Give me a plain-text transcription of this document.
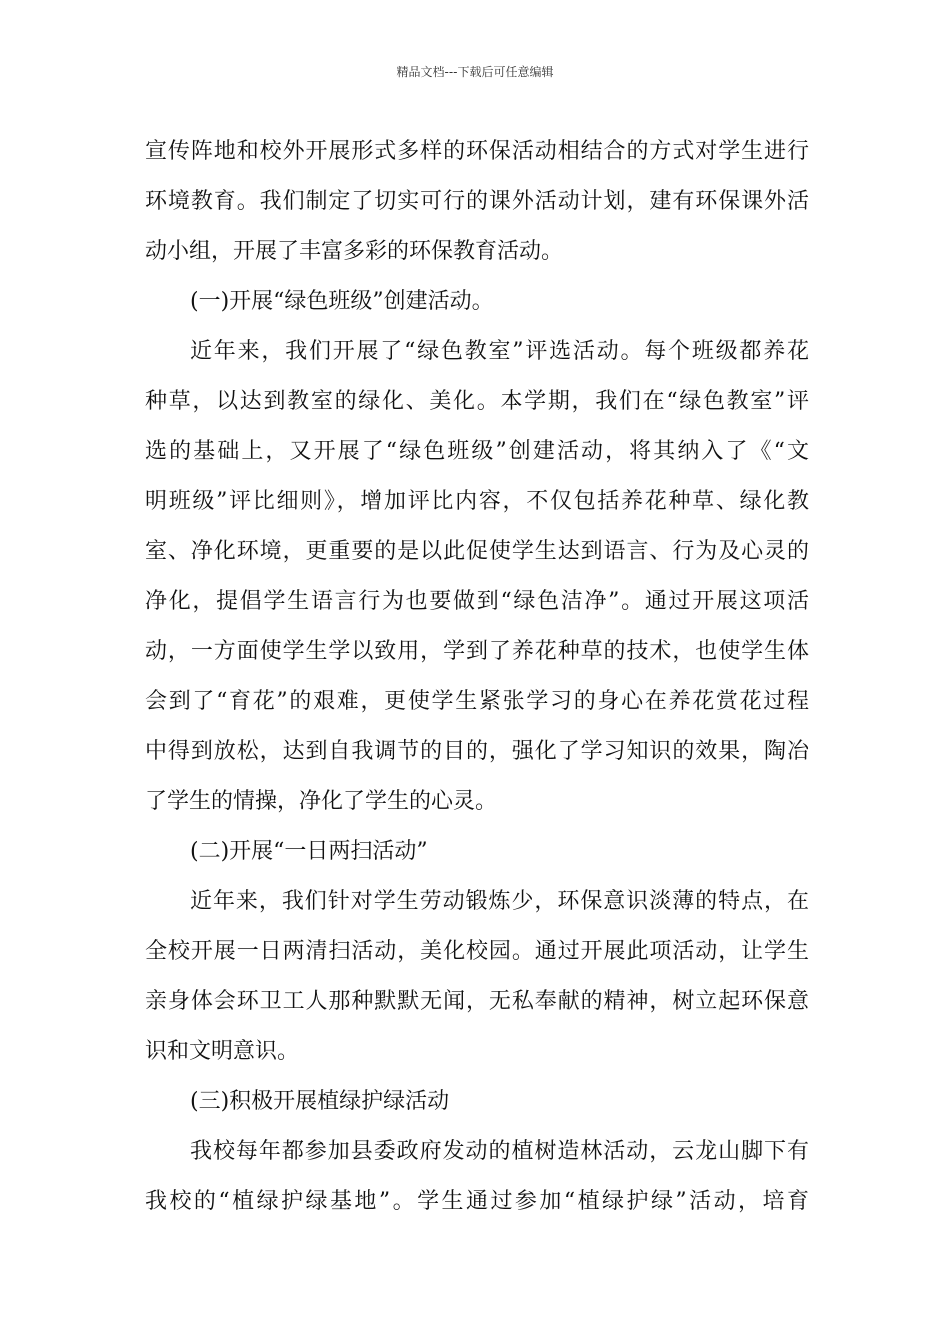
精品文档---下载后可任意编辑
宣传阵地和校外开展形式多样的环保活动相结合的方式对学生进行
环境教育。我们制定了切实可行的课外活动计划，建有环保课外活
动小组，开展了丰富多彩的环保教育活动。
(一)开展“绿色班级”创建活动。
近年来，我们开展了“绿色教室”评选活动。每个班级都养花
种草，以达到教室的绿化、美化。本学期，我们在“绿色教室”评
选的基础上，又开展了“绿色班级”创建活动，将其纳入了《“文
明班级”评比细则》，增加评比内容，不仅包括养花种草、绿化教
室、净化环境，更重要的是以此促使学生达到语言、行为及心灵的
净化，提倡学生语言行为也要做到“绿色洁净”。通过开展这项活
动，一方面使学生学以致用，学到了养花种草的技术，也使学生体
会到了“育花”的艰难，更使学生紧张学习的身心在养花赏花过程
中得到放松，达到自我调节的目的，强化了学习知识的效果，陶冶
了学生的情操，净化了学生的心灵。
(二)开展“一日两扫活动”
近年来，我们针对学生劳动锻炼少，环保意识淡薄的特点，在
全校开展一日两清扫活动，美化校园。通过开展此项活动，让学生
亲身体会环卫工人那种默默无闻，无私奉献的精神，树立起环保意
识和文明意识。
(三)积极开展植绿护绿活动
我校每年都参加县委政府发动的植树造林活动，云龙山脚下有
我校的“植绿护绿基地”。学生通过参加“植绿护绿”活动，培育
